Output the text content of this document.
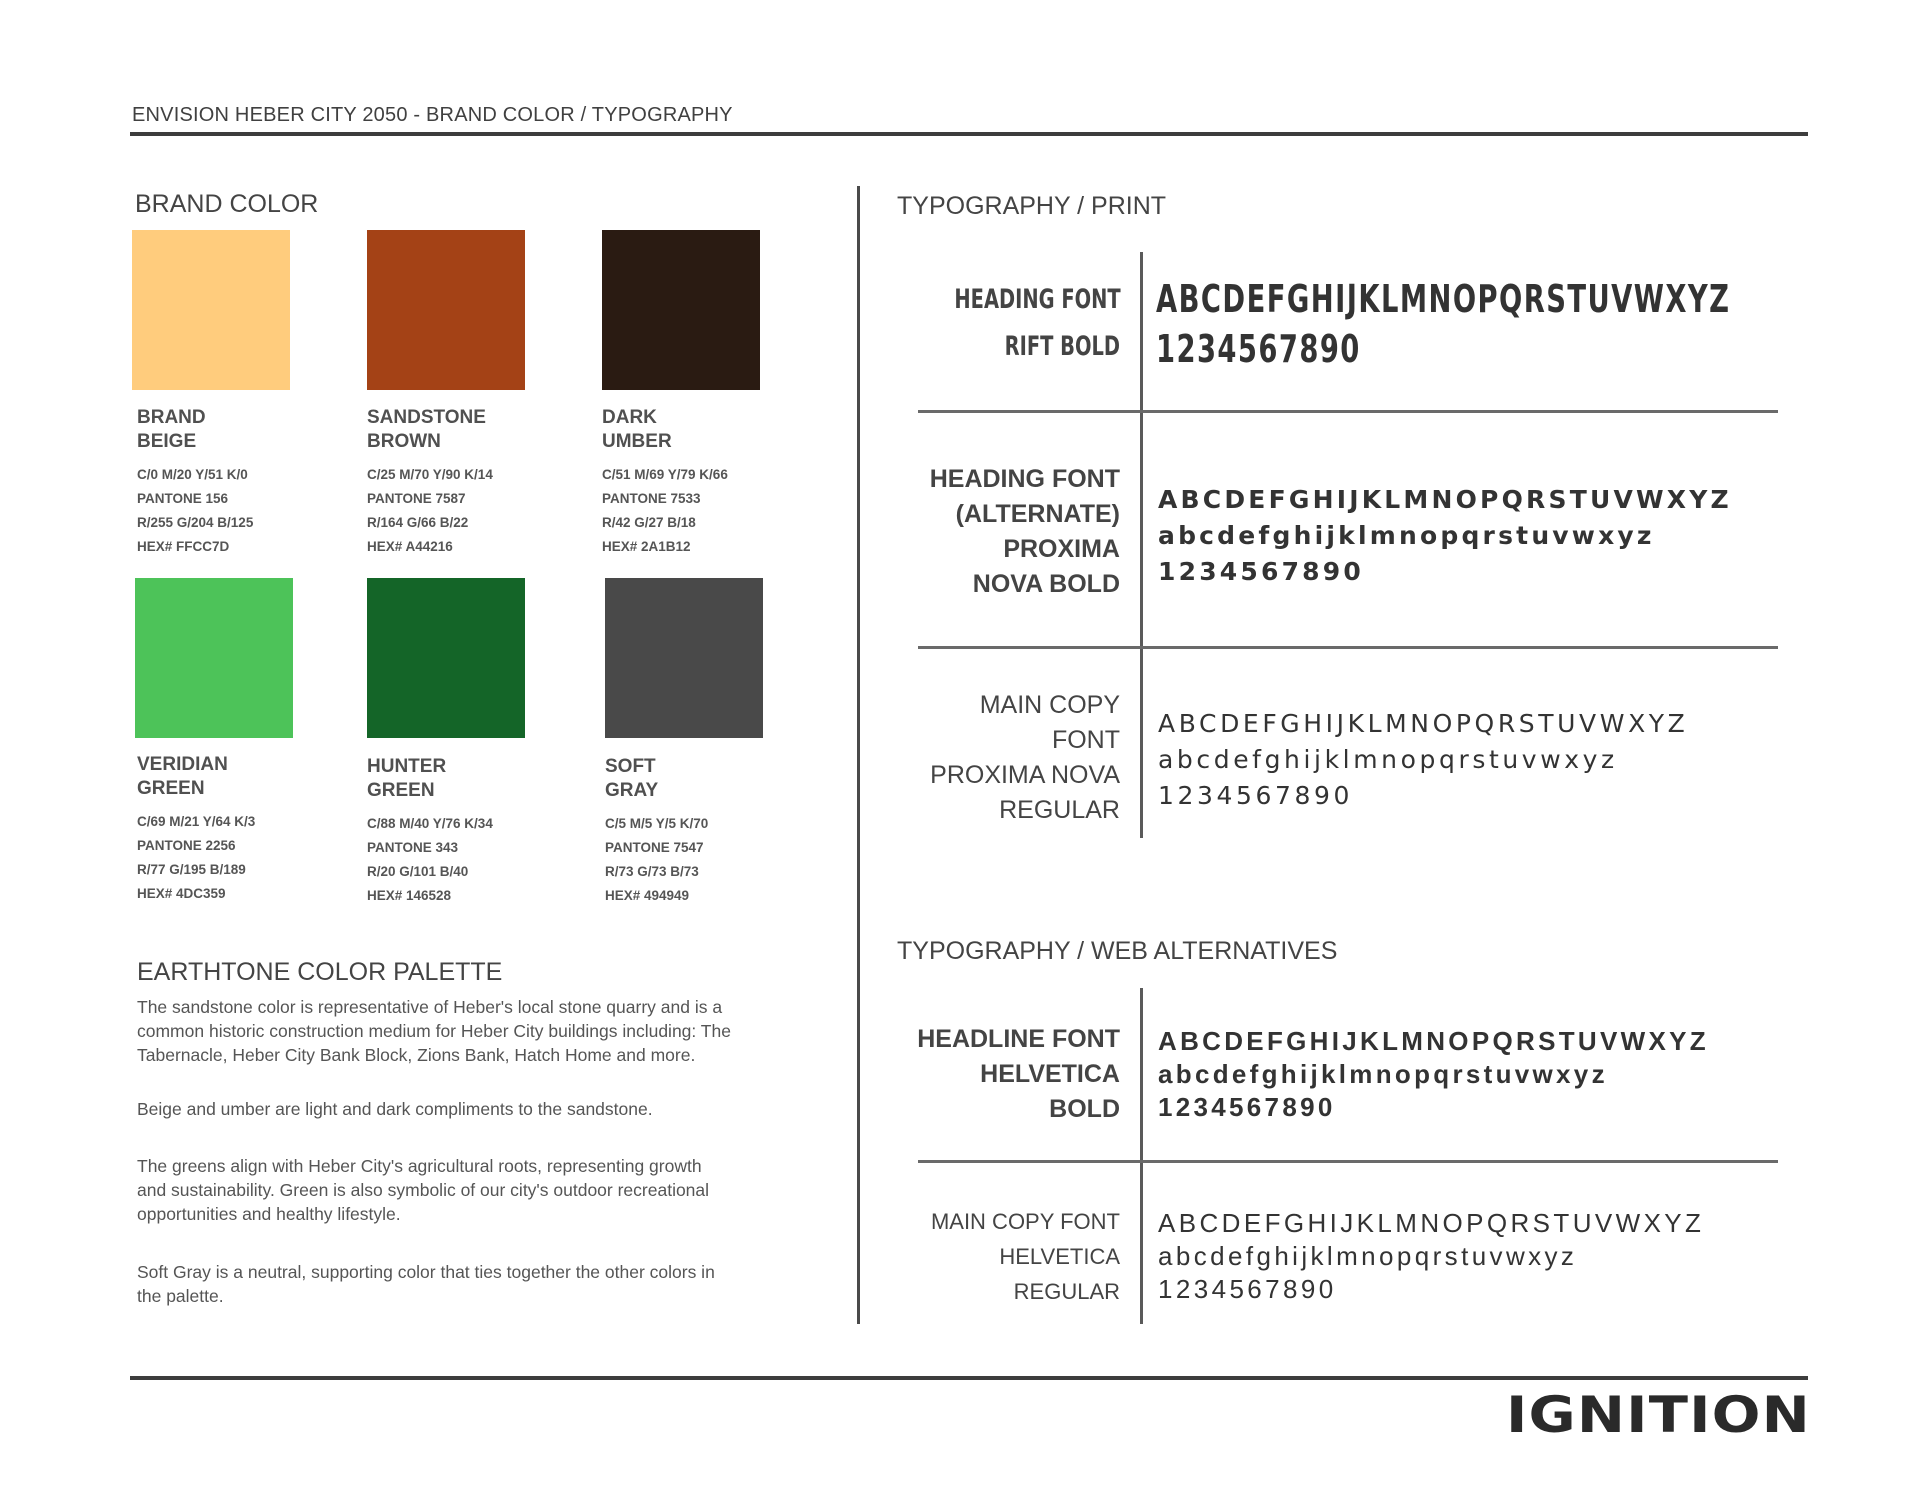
ENVISION HEBER CITY 2050 - BRAND COLOR / TYPOGRAPHY
BRAND COLOR
BRAND
BEIGE
SANDSTONE
BROWN
DARK
UMBER
C/0 M/20 Y/51 K/0
PANTONE 156
R/255 G/204 B/125
HEX# FFCC7D
C/25 M/70 Y/90 K/14
PANTONE 7587
R/164 G/66 B/22
HEX# A44216
C/51 M/69 Y/79 K/66
PANTONE 7533
R/42 G/27 B/18
HEX# 2A1B12
VERIDIAN
GREEN
HUNTER
GREEN
SOFT
GRAY
C/69 M/21 Y/64 K/3
PANTONE 2256
R/77 G/195 B/189
HEX# 4DC359
C/88 M/40 Y/76 K/34
PANTONE 343
R/20 G/101 B/40
HEX# 146528
C/5 M/5 Y/5 K/70
PANTONE 7547
R/73 G/73 B/73
HEX# 494949
EARTHTONE COLOR PALETTE
The sandstone color is representative of Heber's local stone quarry and is a
common historic construction medium for Heber City buildings including: The
Tabernacle, Heber City Bank Block, Zions Bank, Hatch Home and more.
Beige and umber are light and dark compliments to the sandstone.
The greens align with Heber City's agricultural roots, representing growth
and sustainability. Green is also symbolic of our city's outdoor recreational
opportunities and healthy lifestyle.
Soft Gray is a neutral, supporting color that ties together the other colors in
the palette.
TYPOGRAPHY / PRINT
HEADING FONT
RIFT BOLD
ABCDEFGHIJKLMNOPQRSTUVWXYZ
1234567890
HEADING FONT
(ALTERNATE)
PROXIMA
NOVA BOLD
ABCDEFGHIJKLMNOPQRSTUVWXYZ
abcdefghijklmnopqrstuvwxyz
1234567890
MAIN COPY
FONT
PROXIMA NOVA
REGULAR
ABCDEFGHIJKLMNOPQRSTUVWXYZ
abcdefghijklmnopqrstuvwxyz
1234567890
TYPOGRAPHY / WEB ALTERNATIVES
HEADLINE FONT
HELVETICA
BOLD
ABCDEFGHIJKLMNOPQRSTUVWXYZ
abcdefghijklmnopqrstuvwxyz
1234567890
MAIN COPY FONT
HELVETICA
REGULAR
ABCDEFGHIJKLMNOPQRSTUVWXYZ
abcdefghijklmnopqrstuvwxyz
1234567890
IGNITION
